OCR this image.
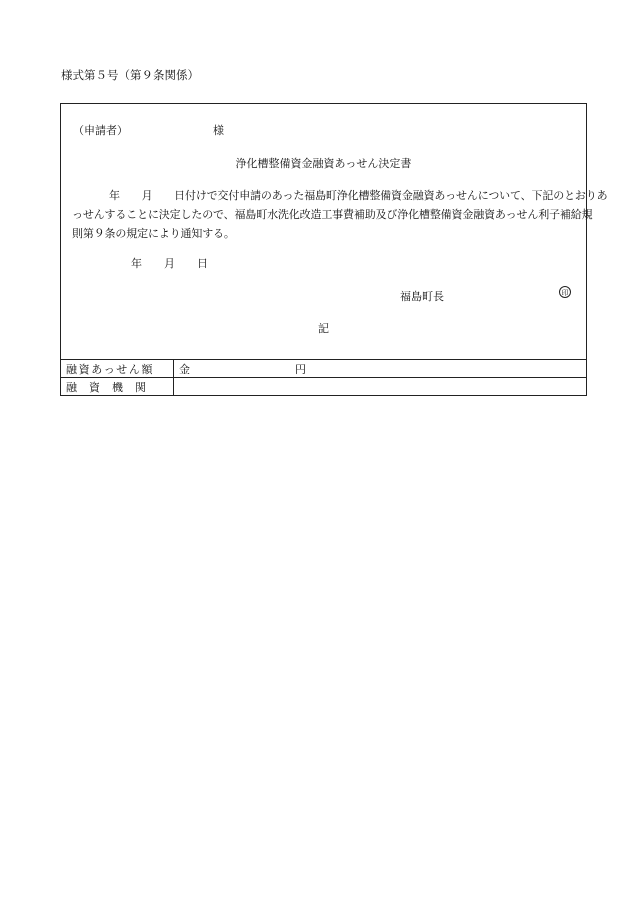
様式第５号（第９条関係）
（申請者）	様
浄化槽整備資金融資あっせん決定書
年　　 月　　 日付けで交付申請のあった福島町浄化槽整備資金融資あっせんについて、下記のとおりあ
っせんすることに決定したので、福島町水洗化改造工事費補助及び浄化槽整備資金融資あっせん利子補給規
則第９条の規定により通知する。
年　　 月　　 日
福島町長	印
記
融資あっせん額	金 円
融資機関	
